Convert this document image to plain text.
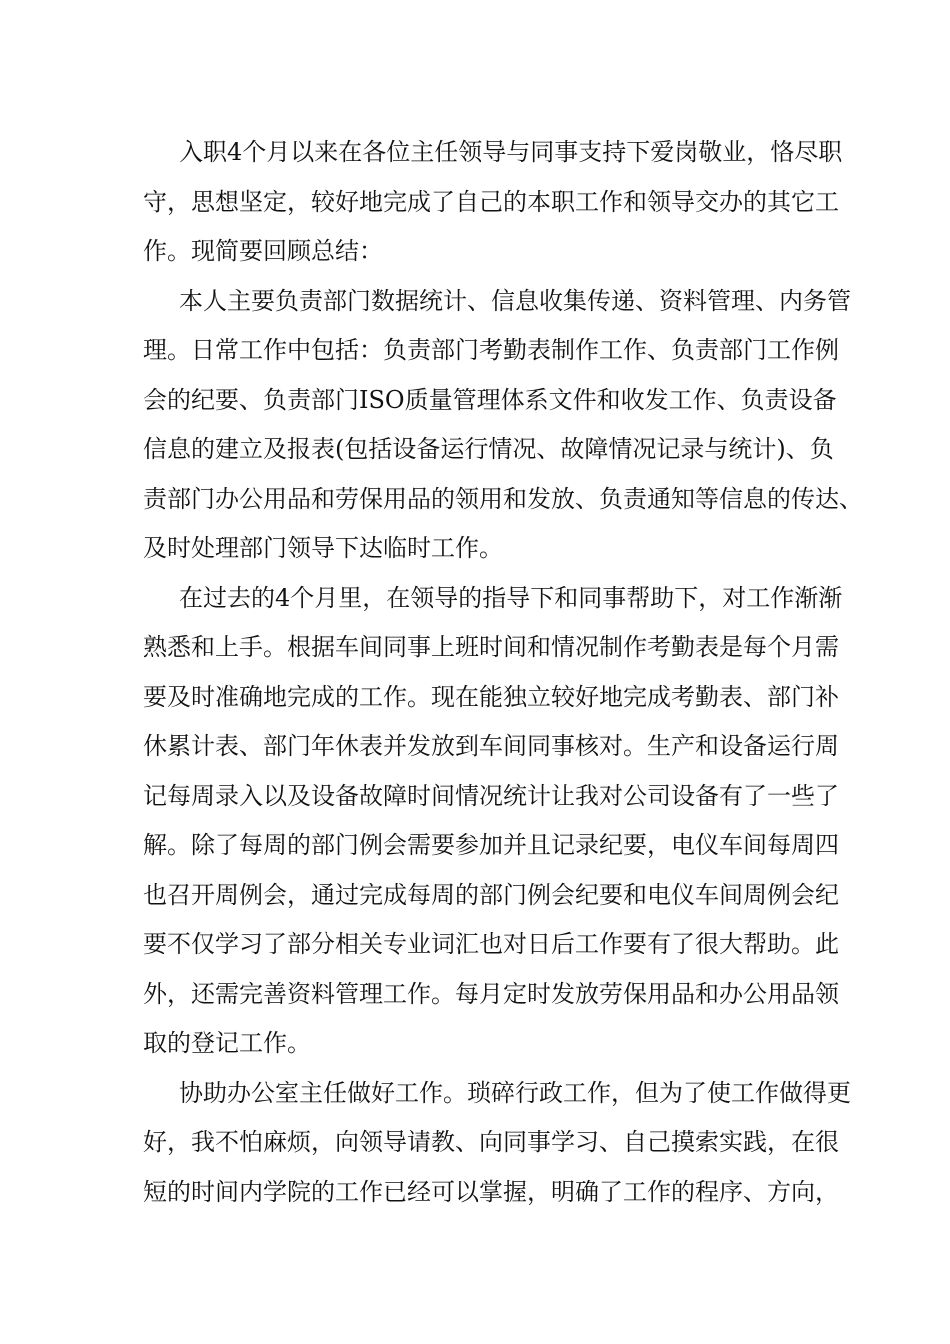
入职4个月以来在各位主任领导与同事支持下爱岗敬业，恪尽职
守，思想坚定，较好地完成了自己的本职工作和领导交办的其它工
作。现简要回顾总结：
本人主要负责部门数据统计、信息收集传递、资料管理、内务管
理。日常工作中包括：负责部门考勤表制作工作、负责部门工作例
会的纪要、负责部门ISO质量管理体系文件和收发工作、负责设备
信息的建立及报表(包括设备运行情况、故障情况记录与统计)、负
责部门办公用品和劳保用品的领用和发放、负责通知等信息的传达、
及时处理部门领导下达临时工作。
在过去的4个月里，在领导的指导下和同事帮助下，对工作渐渐
熟悉和上手。根据车间同事上班时间和情况制作考勤表是每个月需
要及时准确地完成的工作。现在能独立较好地完成考勤表、部门补
休累计表、部门年休表并发放到车间同事核对。生产和设备运行周
记每周录入以及设备故障时间情况统计让我对公司设备有了一些了
解。除了每周的部门例会需要参加并且记录纪要，电仪车间每周四
也召开周例会，通过完成每周的部门例会纪要和电仪车间周例会纪
要不仅学习了部分相关专业词汇也对日后工作要有了很大帮助。此
外，还需完善资料管理工作。每月定时发放劳保用品和办公用品领
取的登记工作。
协助办公室主任做好工作。琐碎行政工作，但为了使工作做得更
好，我不怕麻烦，向领导请教、向同事学习、自己摸索实践，在很
短的时间内学院的工作已经可以掌握，明确了工作的程序、方向，
